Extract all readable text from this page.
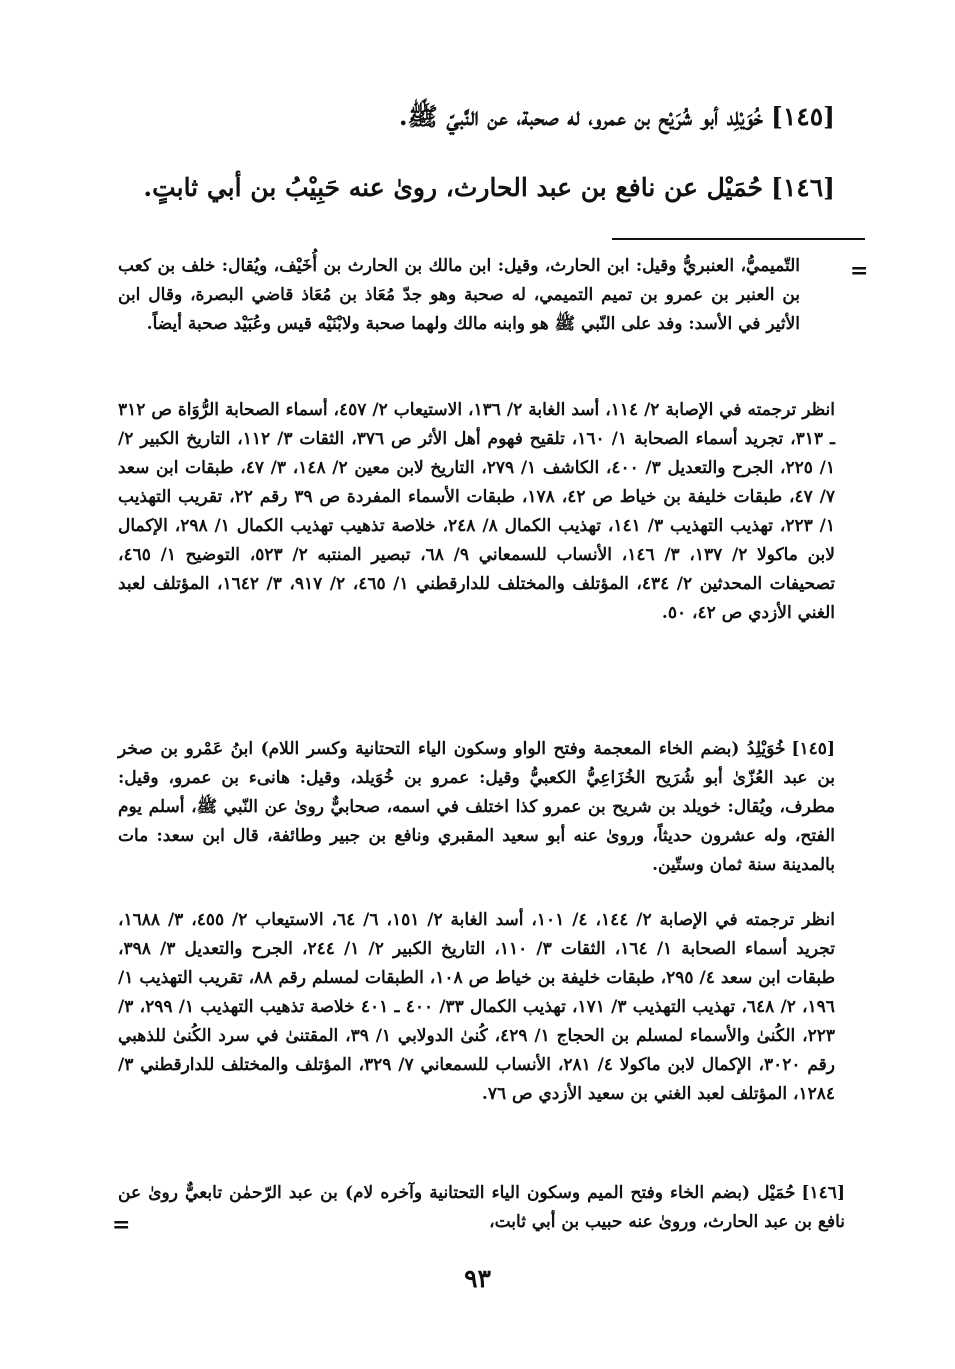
[١٤٥]خُوَيْلِد أبو شُرَيْح بن عمرو، له صحبة، عن النَّبيّ ﷺ.
[١٤٦]حُمَيْل عن نافع بن عبد الحارث، روىٰ عنه حَبِيْبُ بن أبي ثابتٍ.
=
التّميميُّ، العنبريُّ وقيل: ابن الحارث، وقيل: ابن مالك بن الحارث بن أُخَيْف، ويُقال: خلف بن كعب بن العنبر بن عمرو بن تميم التميمي، له صحبة وهو جدّ مُعَاذ بن مُعَاذ قاضي البصرة، وقال ابن الأثير في الأسد: وفد على النّبي ﷺ هو وابنه مالك ولهما صحبة ولابْنَيْه قيس وعُبَيْد صحبة أيضاً.
انظر ترجمته في الإصابة ٢/ ١١٤، أسد الغابة ٢/ ١٣٦، الاستيعاب ٢/ ٤٥٧، أسماء الصحابة الرُّوَاة ص ٣١٢ ـ ٣١٣، تجريد أسماء الصحابة ١/ ١٦٠، تلقيح فهوم أهل الأثر ص ٣٧٦، الثقات ٣/ ١١٢، التاريخ الكبير ٢/ ١/ ٢٢٥، الجرح والتعديل ٣/ ٤٠٠، الكاشف ١/ ٢٧٩، التاريخ لابن معين ٢/ ١٤٨، ٣/ ٤٧، طبقات ابن سعد ٧/ ٤٧، طبقات خليفة بن خياط ص ٤٢، ١٧٨، طبقات الأسماء المفردة ص ٣٩ رقم ٢٢، تقريب التهذيب ١/ ٢٢٣، تهذيب التهذيب ٣/ ١٤١، تهذيب الكمال ٨/ ٢٤٨، خلاصة تذهيب تهذيب الكمال ١/ ٢٩٨، الإكمال لابن ماكولا ٢/ ١٣٧، ٣/ ١٤٦، الأنساب للسمعاني ٩/ ٦٨، تبصير المنتبه ٢/ ٥٢٣، التوضيح ١/ ٤٦٥، تصحيفات المحدثين ٢/ ٤٣٤، المؤتلف والمختلف للدارقطني ١/ ٤٦٥، ٢/ ٩١٧، ٣/ ١٦٤٢، المؤتلف لعبد الغني الأزدي ص ٤٢، ٥٠.
[١٤٥]خُوَيْلِدُ (بضم الخاء المعجمة وفتح الواو وسكون الياء التحتانية وكسر اللام) ابنُ عَمْرو بن صخر بن عبد العُزّىٰ أبو شُرَيح الخُزَاعِيُّ الكعبيُّ وقيل: عمرو بن خُوَيلد، وقيل: هانىء بن عمرو، وقيل: مطرف، ويُقال: خويلد بن شريح بن عمرو كذا اختلف في اسمه، صحابيٌّ روىٰ عن النّبي ﷺ، أسلم يوم الفتح، وله عشرون حديثاً، وروىٰ عنه أبو سعيد المقبري ونافع بن جبير وطائفة، قال ابن سعد: مات بالمدينة سنة ثمان وستّين.
انظر ترجمته في الإصابة ٢/ ١٤٤، ٤/ ١٠١، أسد الغابة ٢/ ١٥١، ٦/ ٦٤، الاستيعاب ٢/ ٤٥٥، ٣/ ١٦٨٨، تجريد أسماء الصحابة ١/ ١٦٤، الثقات ٣/ ١١٠، التاريخ الكبير ٢/ ١/ ٢٤٤، الجرح والتعديل ٣/ ٣٩٨، طبقات ابن سعد ٤/ ٢٩٥، طبقات خليفة بن خياط ص ١٠٨، الطبقات لمسلم رقم ٨٨، تقريب التهذيب ١/ ١٩٦، ٢/ ٦٤٨، تهذيب التهذيب ٣/ ١٧١، تهذيب الكمال ٣٣/ ٤٠٠ ـ ٤٠١ خلاصة تذهيب التهذيب ١/ ٢٩٩، ٣/ ٢٢٣، الكُنىٰ والأسماء لمسلم بن الحجاج ١/ ٤٢٩، كُنىٰ الدولابي ١/ ٣٩، المقتنىٰ في سرد الكُنىٰ للذهبي رقم ٣٠٢٠، الإكمال لابن ماكولا ٤/ ٢٨١، الأنساب للسمعاني ٧/ ٣٢٩، المؤتلف والمختلف للدارقطني ٣/ ١٢٨٤، المؤتلف لعبد الغني بن سعيد الأزدي ص ٧٦.
[١٤٦]حُمَيْل (بضم الخاء وفتح الميم وسكون الياء التحتانية وآخره لام) بن عبد الرّحمٰن تابعيٌّ روىٰ عن نافع بن عبد الحارث، وروىٰ عنه حبيب بن أبي ثابت،
=
٩٣
